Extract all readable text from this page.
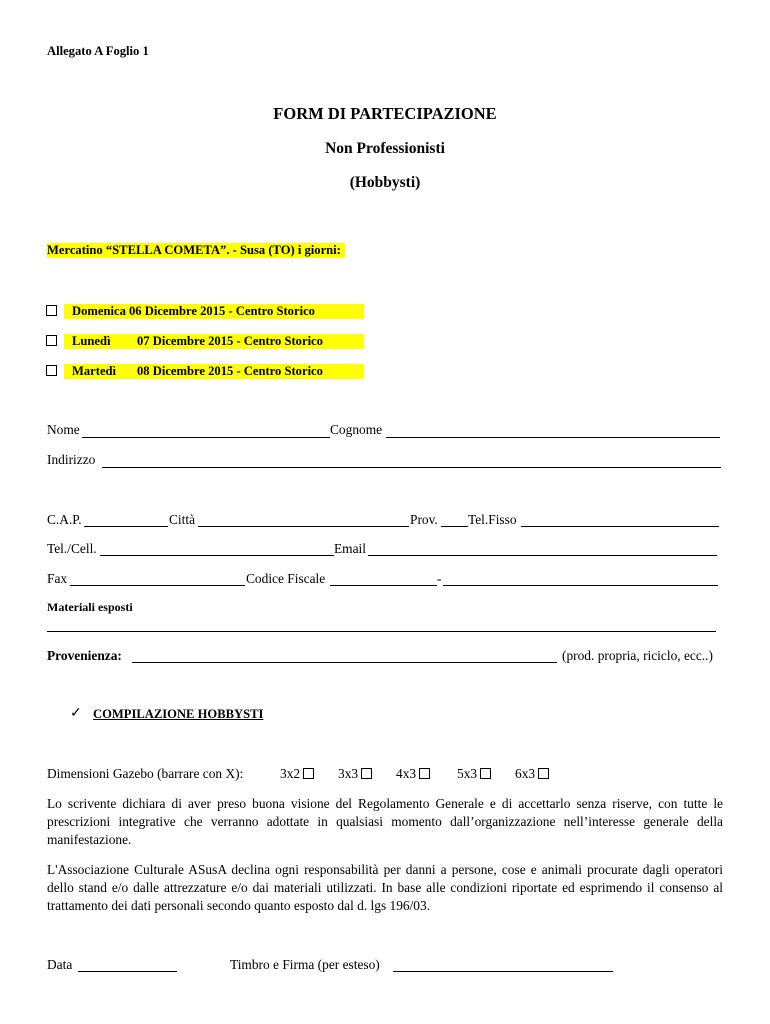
Allegato A Foglio 1
FORM DI PARTECIPAZIONE
Non Professionisti
(Hobbysti)
Mercatino “STELLA COMETA”. - Susa (TO) i giorni:
Domenica 06 Dicembre 2015 - Centro Storico
Lunedì 07 Dicembre 2015 - Centro Storico
Martedì 08 Dicembre 2015 - Centro Storico
Nome	Cognome
Indirizzo
C.A.P.	Città	Prov. Tel.Fisso
Tel./Cell.	Email
Fax	Codice Fiscale	-
Materiali esposti
Provenienza:	(prod. propria, riciclo, ecc..)
✓ COMPILAZIONE HOBBYSTI
Dimensioni Gazebo (barrare con X):	3x2	3x3	4x3	5x3	6x3
Lo scrivente dichiara di aver preso buona visione del Regolamento Generale e di accettarlo senza riserve, con tutte le prescrizioni integrative che verranno adottate in qualsiasi momento dall’organizzazione nell’interesse generale della manifestazione.
L'Associazione Culturale ASusA declina ogni responsabilità per danni a persone, cose e animali procurate dagli operatori dello stand e/o dalle attrezzature e/o dai materiali utilizzati. In base alle condizioni riportate ed esprimendo il consenso al trattamento dei dati personali secondo quanto esposto dal d. lgs 196/03.
Data	Timbro e Firma (per esteso)
